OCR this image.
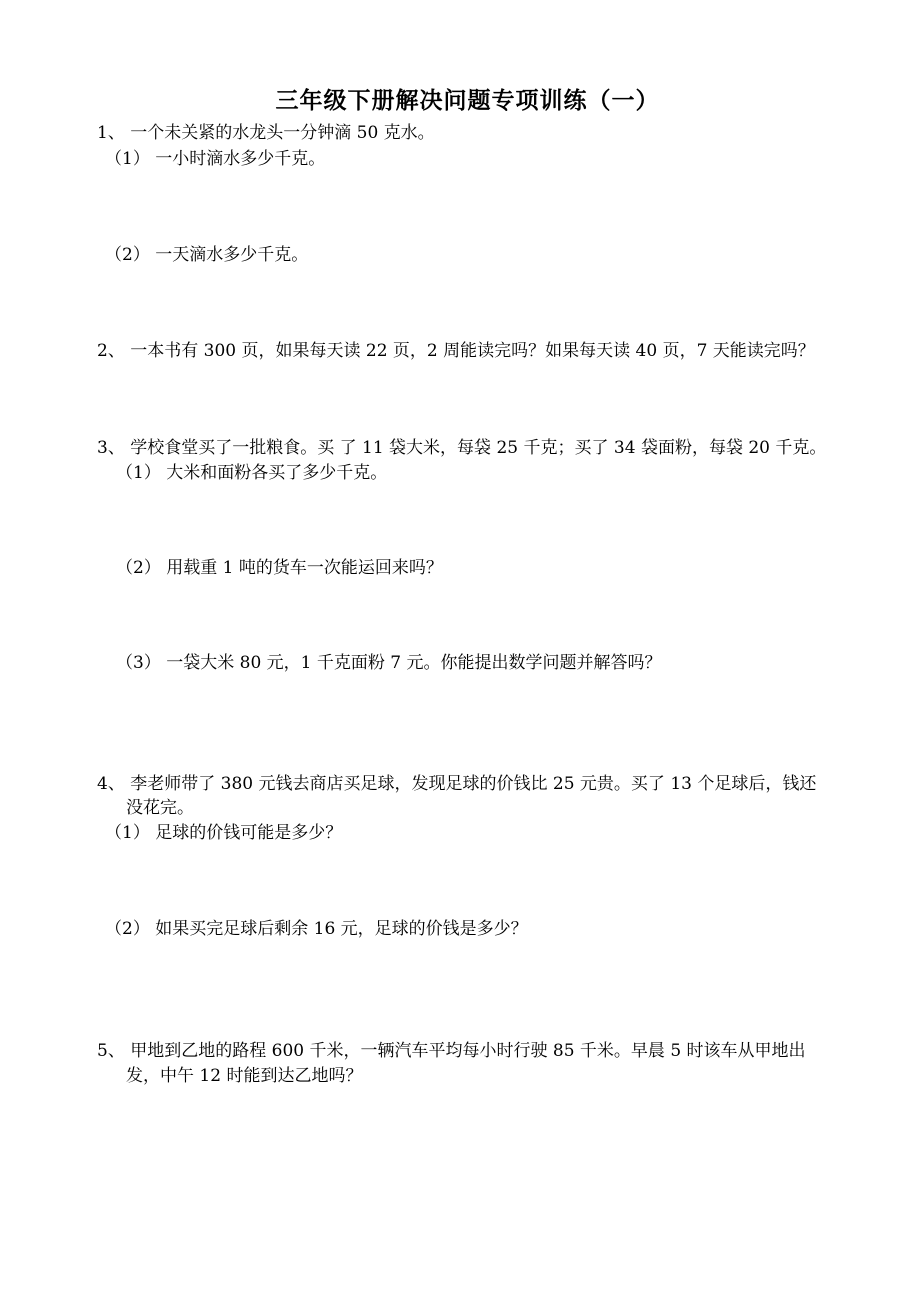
三年级下册解决问题专项训练（一）
1、 一个未关紧的水龙头一分钟滴 50 克水。
（1） 一小时滴水多少千克。
（2） 一天滴水多少千克。
2、 一本书有 300 页，如果每天读 22 页，2 周能读完吗？如果每天读 40 页，7 天能读完吗？
3、 学校食堂买了一批粮食。买 了 11 袋大米，每袋 25 千克；买了 34 袋面粉，每袋 20 千克。
（1） 大米和面粉各买了多少千克。
（2） 用载重 1 吨的货车一次能运回来吗？
（3） 一袋大米 80 元，1 千克面粉 7 元。你能提出数学问题并解答吗？
4、 李老师带了 380 元钱去商店买足球，发现足球的价钱比 25 元贵。买了 13 个足球后，钱还
没花完。
（1） 足球的价钱可能是多少？
（2） 如果买完足球后剩余 16 元，足球的价钱是多少？
5、 甲地到乙地的路程 600 千米，一辆汽车平均每小时行驶 85 千米。早晨 5 时该车从甲地出
发，中午 12 时能到达乙地吗？
